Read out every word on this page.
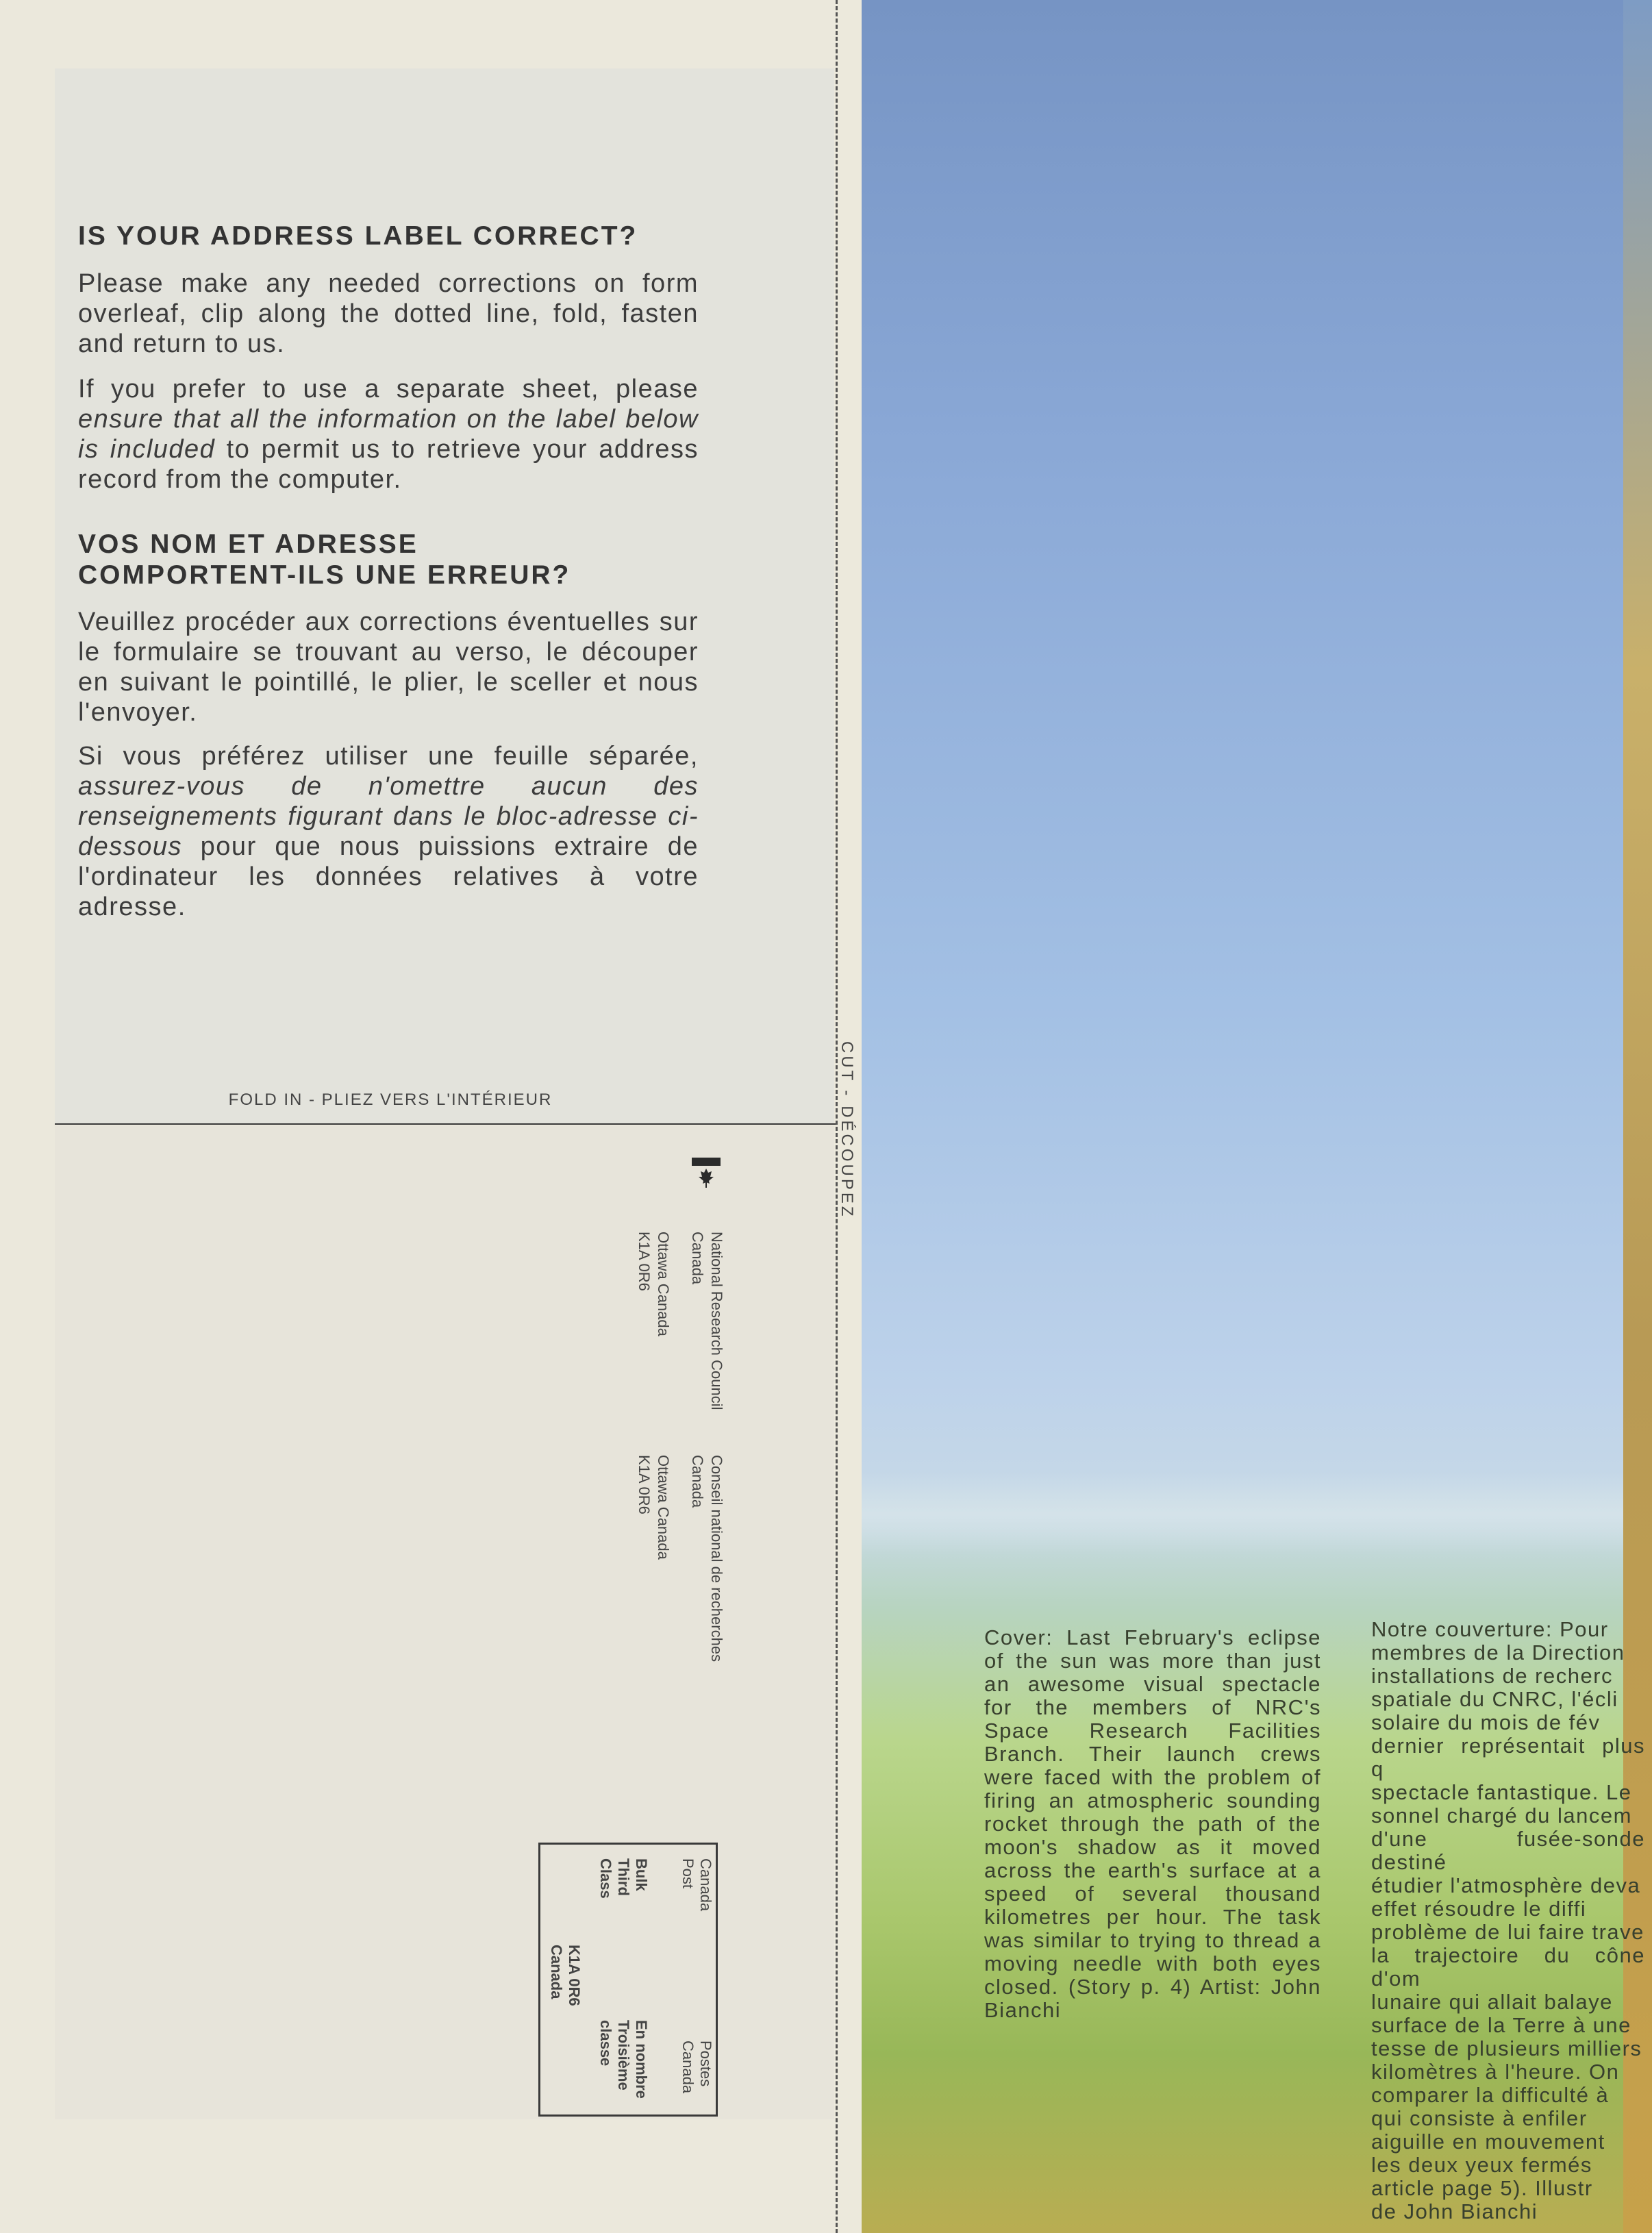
IS YOUR ADDRESS LABEL CORRECT?

Please make any needed corrections on form overleaf, clip along the dotted line, fold, fasten and return to us.

If you prefer to use a separate sheet, please ensure that all the information on the label below is included to permit us to retrieve your address record from the computer.

VOS NOM ET ADRESSE
COMPORTENT-ILS UNE ERREUR?

Veuillez procéder aux corrections éventuelles sur le formulaire se trouvant au verso, le découper en suivant le pointillé, le plier, le sceller et nous l'envoyer.

Si vous préférez utiliser une feuille séparée, assurez-vous de n'omettre aucun des renseignements figurant dans le bloc-adresse ci-dessous pour que nous puissions extraire de l'ordinateur les données relatives à votre adresse.

FOLD IN - PLIEZ VERS L'INTÉRIEUR
National Research Council
Canada
Ottawa Canada
K1A 0R6
Conseil national de recherches
Canada
Ottawa Canada
K1A 0R6
Canada
Post
Postes
Canada
Bulk
Third
Class
En nombre
Troisième
classe
K1A 0R6
Canada
CUT - DÉCOUPEZ

Cover: Last February's eclipse of the sun was more than just an awesome visual spectacle for the members of NRC's Space Research Facilities Branch. Their launch crews were faced with the problem of firing an atmospheric sounding rocket through the path of the moon's shadow as it moved across the earth's surface at a speed of several thousand kilometres per hour. The task was similar to trying to thread a moving needle with both eyes closed. (Story p. 4) Artist: John Bianchi

Notre couverture: Pour
membres de la Direction
installations de recherc
spatiale du CNRC, l'écli
solaire du mois de fév
dernier représentait plus q
spectacle fantastique. Le
sonnel chargé du lancem
d'une fusée-sonde destiné
étudier l'atmosphère deva
effet résoudre le diffi
problème de lui faire trave
la trajectoire du cône d'om
lunaire qui allait balaye
surface de la Terre à une
tesse de plusieurs milliers
kilomètres à l'heure. On
comparer la difficulté à
qui consiste à enfiler
aiguille en mouvement
les deux yeux fermés
article page 5). Illustr
de John Bianchi
